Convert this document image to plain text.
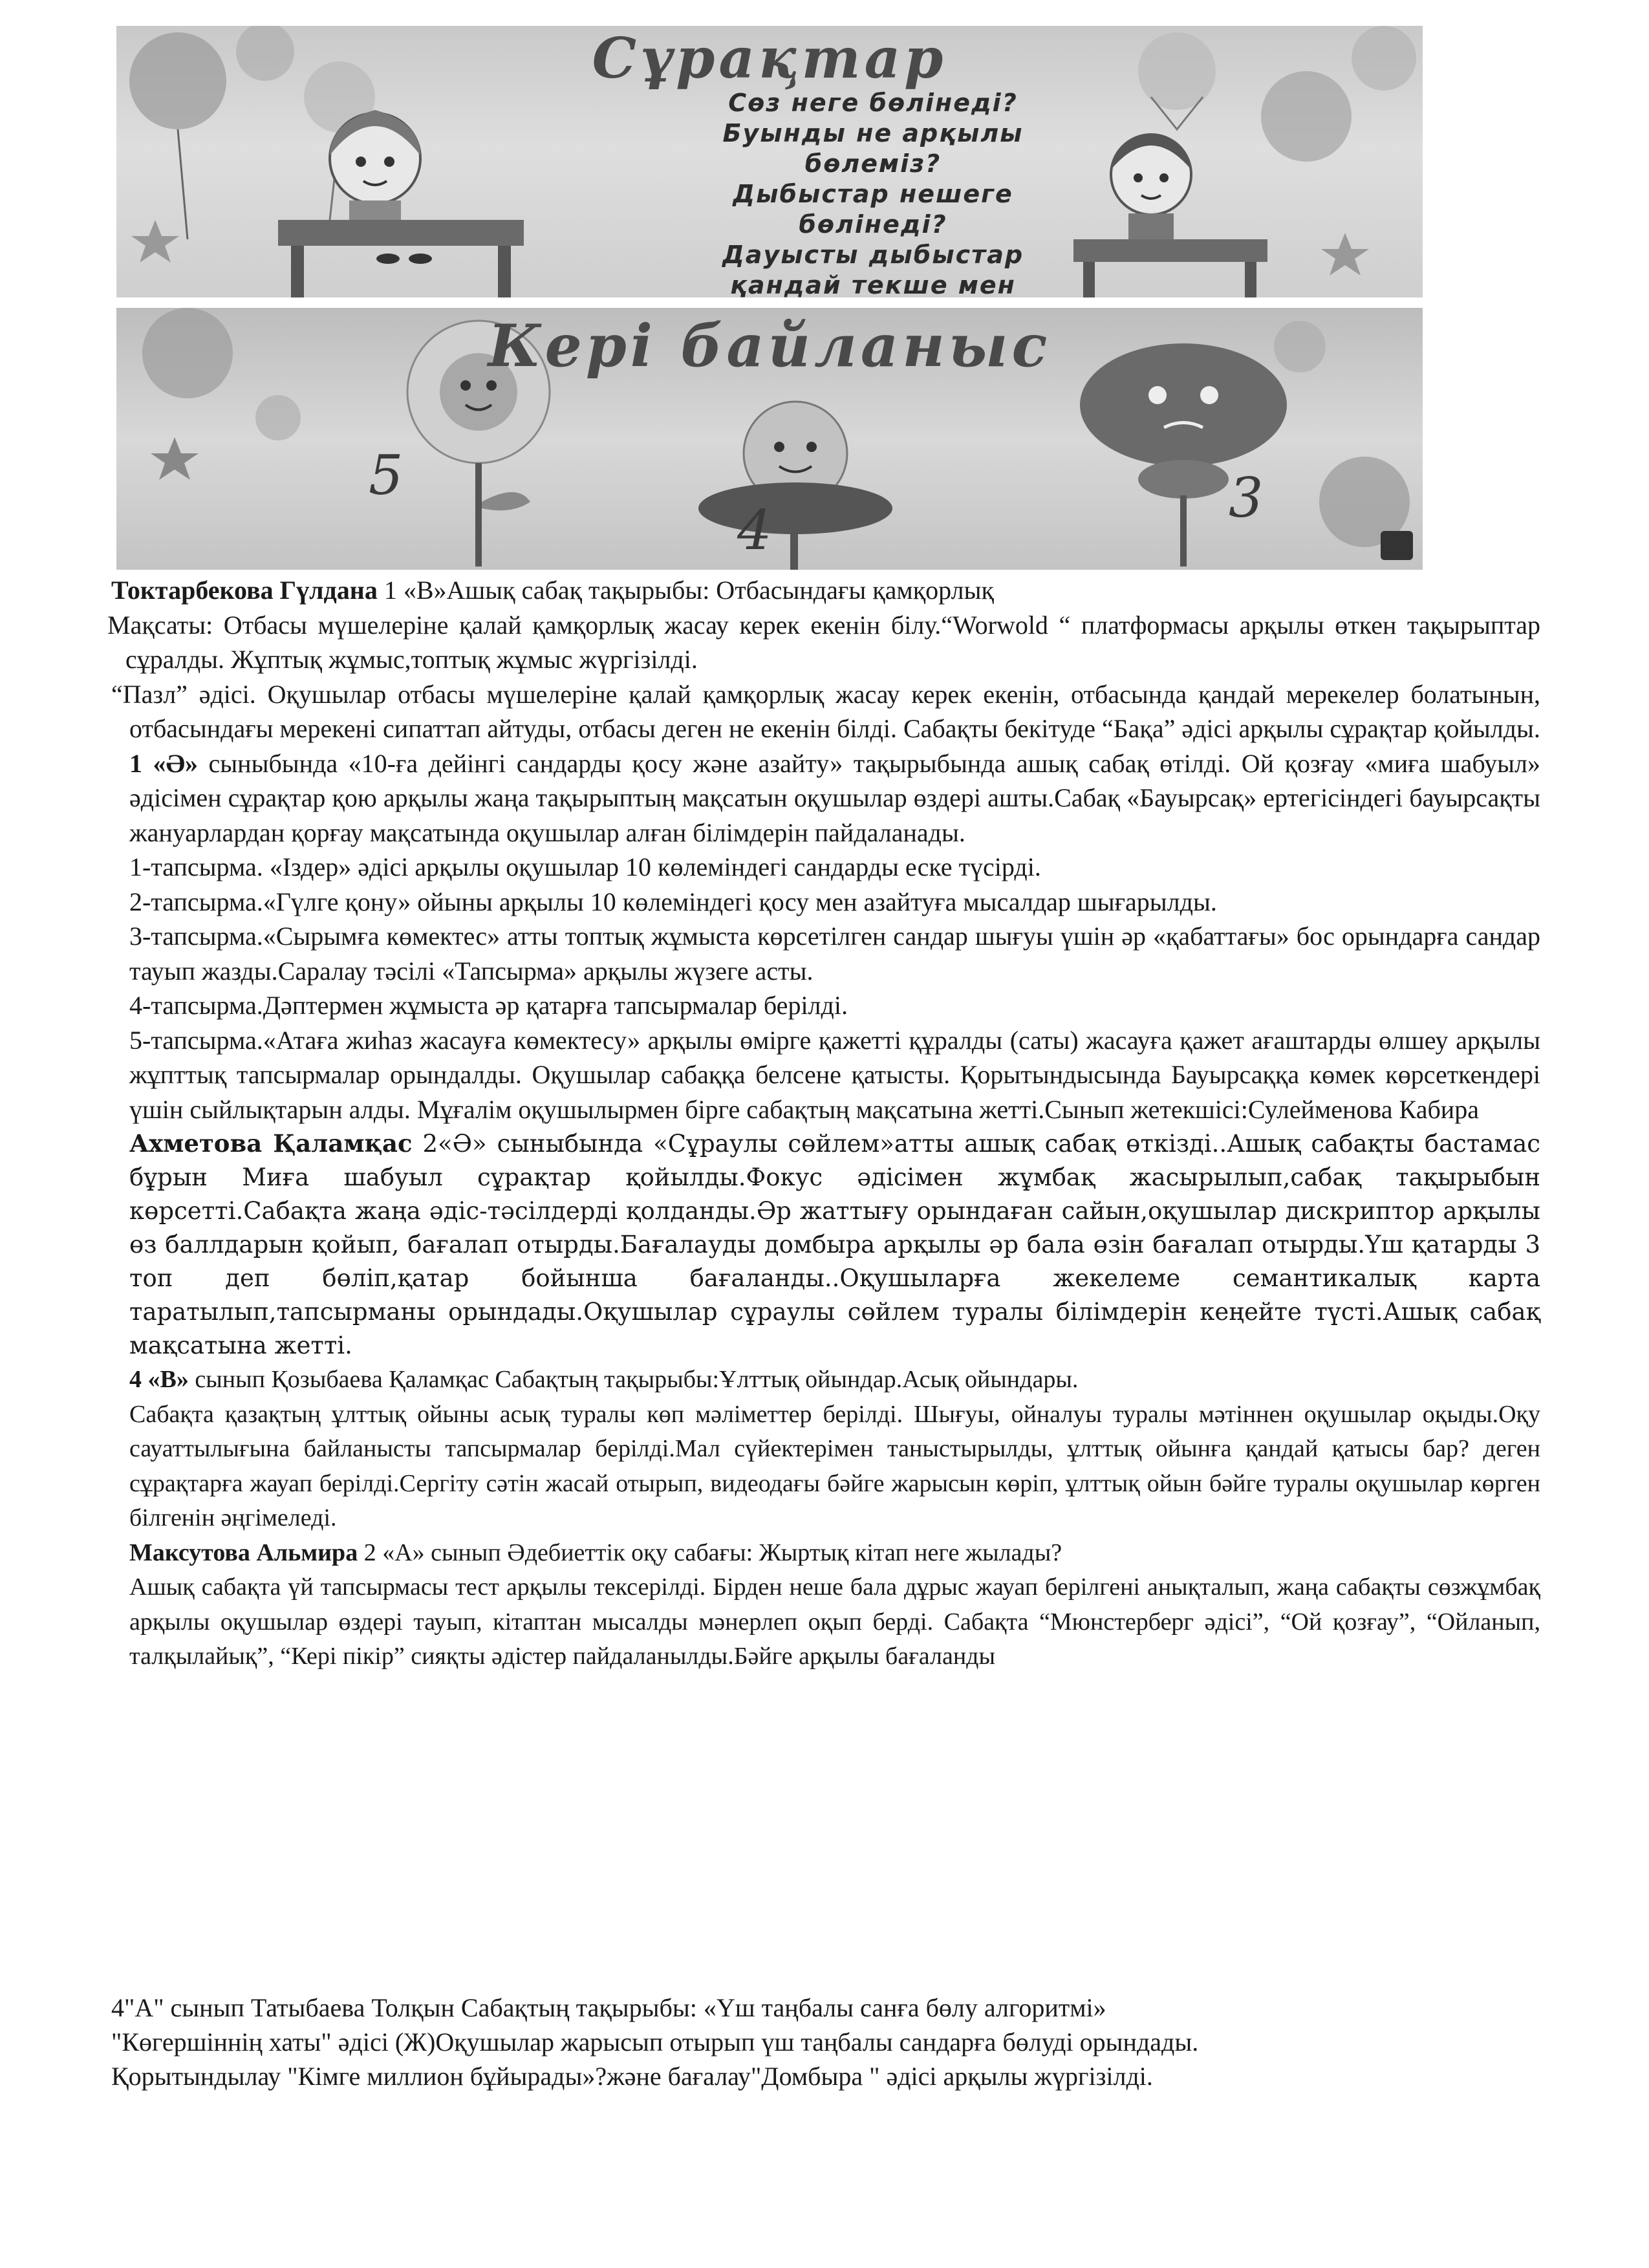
Сұрақтар
Сөз неге бөлінеді?
Буынды не арқылы
бөлеміз?
Дыбыстар нешеге
бөлінеді?
Дауысты дыбыстар
қандай текше мен
Кері байланыс
5
4
3

Токтарбекова Гүлдана 1 «В»Ашық сабақ тақырыбы: Отбасындағы қамқорлық

Мақсаты: Отбасы мүшелеріне қалай қамқорлық жасау керек екенін білу.“Worwold “ платформасы арқылы өткен тақырыптар сұралды. Жұптық жұмыс,топтық жұмыс жүргізілді.

“Пазл” әдісі. Оқушылар отбасы мүшелеріне қалай қамқорлық жасау керек екенін, отбасында қандай мерекелер болатынын, отбасындағы мерекені сипаттап айтуды, отбасы деген не екенін білді. Сабақты бекітуде “Бақа” әдісі арқылы сұрақтар қойылды.

1 «Ә» сыныбында «10-ға дейінгі сандарды қосу және азайту» тақырыбында ашық сабақ өтілді. Ой қозғау «миға шабуыл» әдісімен сұрақтар қою арқылы жаңа тақырыптың мақсатын оқушылар өздері ашты.Сабақ «Бауырсақ» ертегісіндегі бауырсақты жануарлардан қорғау мақсатында оқушылар алған білімдерін пайдаланады.

1-тапсырма. «Іздер» әдісі арқылы оқушылар 10 көлеміндегі сандарды еске түсірді.

2-тапсырма.«Гүлге қону» ойыны арқылы 10 көлеміндегі қосу мен азайтуға мысалдар шығарылды.

3-тапсырма.«Сырымға көмектес» атты топтық жұмыста көрсетілген сандар шығуы үшін әр «қабаттағы» бос орындарға сандар тауып жазды.Саралау тәсілі «Тапсырма» арқылы жүзеге асты.

4-тапсырма.Дәптермен жұмыста әр қатарға тапсырмалар берілді.

5-тапсырма.«Атаға жиһаз жасауға көмектесу» арқылы өмірге қажетті құралды (саты) жасауға қажет ағаштарды өлшеу арқылы жұпттық тапсырмалар орындалды. Оқушылар сабаққа белсене қатысты. Қорытындысында Бауырсаққа көмек көрсеткендері үшін сыйлықтарын алды. Мұғалім оқушылырмен бірге сабақтың мақсатына жетті.Сынып жетекшісі:Сулейменова Кабира

Ахметова Қаламқас 2«Ә» сыныбында «Сұраулы сөйлем»атты ашық сабақ өткізді..Ашық сабақты бастамас бұрын Миға шабуыл сұрақтар қойылды.Фокус әдісімен жұмбақ жасырылып,сабақ тақырыбын көрсетті.Сабақта жаңа әдіс-тәсілдерді қолданды.Әр жаттығу орындаған сайын,оқушылар дискриптор арқылы өз баллдарын қойып, бағалап отырды.Бағалауды домбыра арқылы әр бала өзін бағалап отырды.Үш қатарды 3 топ деп бөліп,қатар бойынша бағаланды..Оқушыларға жекелеме семантикалық карта таратылып,тапсырманы орындады.Оқушылар сұраулы сөйлем туралы білімдерін кеңейте түсті.Ашық сабақ мақсатына жетті.

4 «В» сынып Қозыбаева Қаламқас Сабақтың тақырыбы:Ұлттық ойындар.Асық ойындары.

Сабақта қазақтың ұлттық ойыны асық туралы көп мәліметтер берілді. Шығуы, ойналуы туралы мәтіннен оқушылар оқыды.Оқу сауаттылығына байланысты тапсырмалар берілді.Мал сүйектерімен таныстырылды, ұлттық ойынға қандай қатысы бар? деген сұрақтарға жауап берілді.Сергіту сәтін жасай отырып, видеодағы бәйге жарысын көріп, ұлттық ойын бәйге туралы оқушылар көрген білгенін әңгімеледі.

Максутова Альмира 2 «А» сынып Әдебиеттік оқу сабағы: Жыртық кітап неге жылады?

Ашық сабақта үй тапсырмасы тест арқылы тексерілді. Бірден неше бала дұрыс жауап берілгені анықталып, жаңа сабақты сөзжұмбақ арқылы оқушылар өздері тауып, кітаптан мысалды мәнерлеп оқып берді. Сабақта “Мюнстерберг әдісі”, “Ой қозғау”, “Ойланып, талқылайық”, “Кері пікір” сияқты әдістер пайдаланылды.Бәйге арқылы бағаланды

4"А" сынып Татыбаева Толқын Сабақтың тақырыбы: «Үш таңбалы санға бөлу алгоритмі»

"Көгершіннің хаты" әдісі (Ж)Оқушылар жарысып отырып үш таңбалы сандарға бөлуді орындады.

Қорытындылау "Кімге миллион бұйырады»?және бағалау"Домбыра " әдісі арқылы жүргізілді.
